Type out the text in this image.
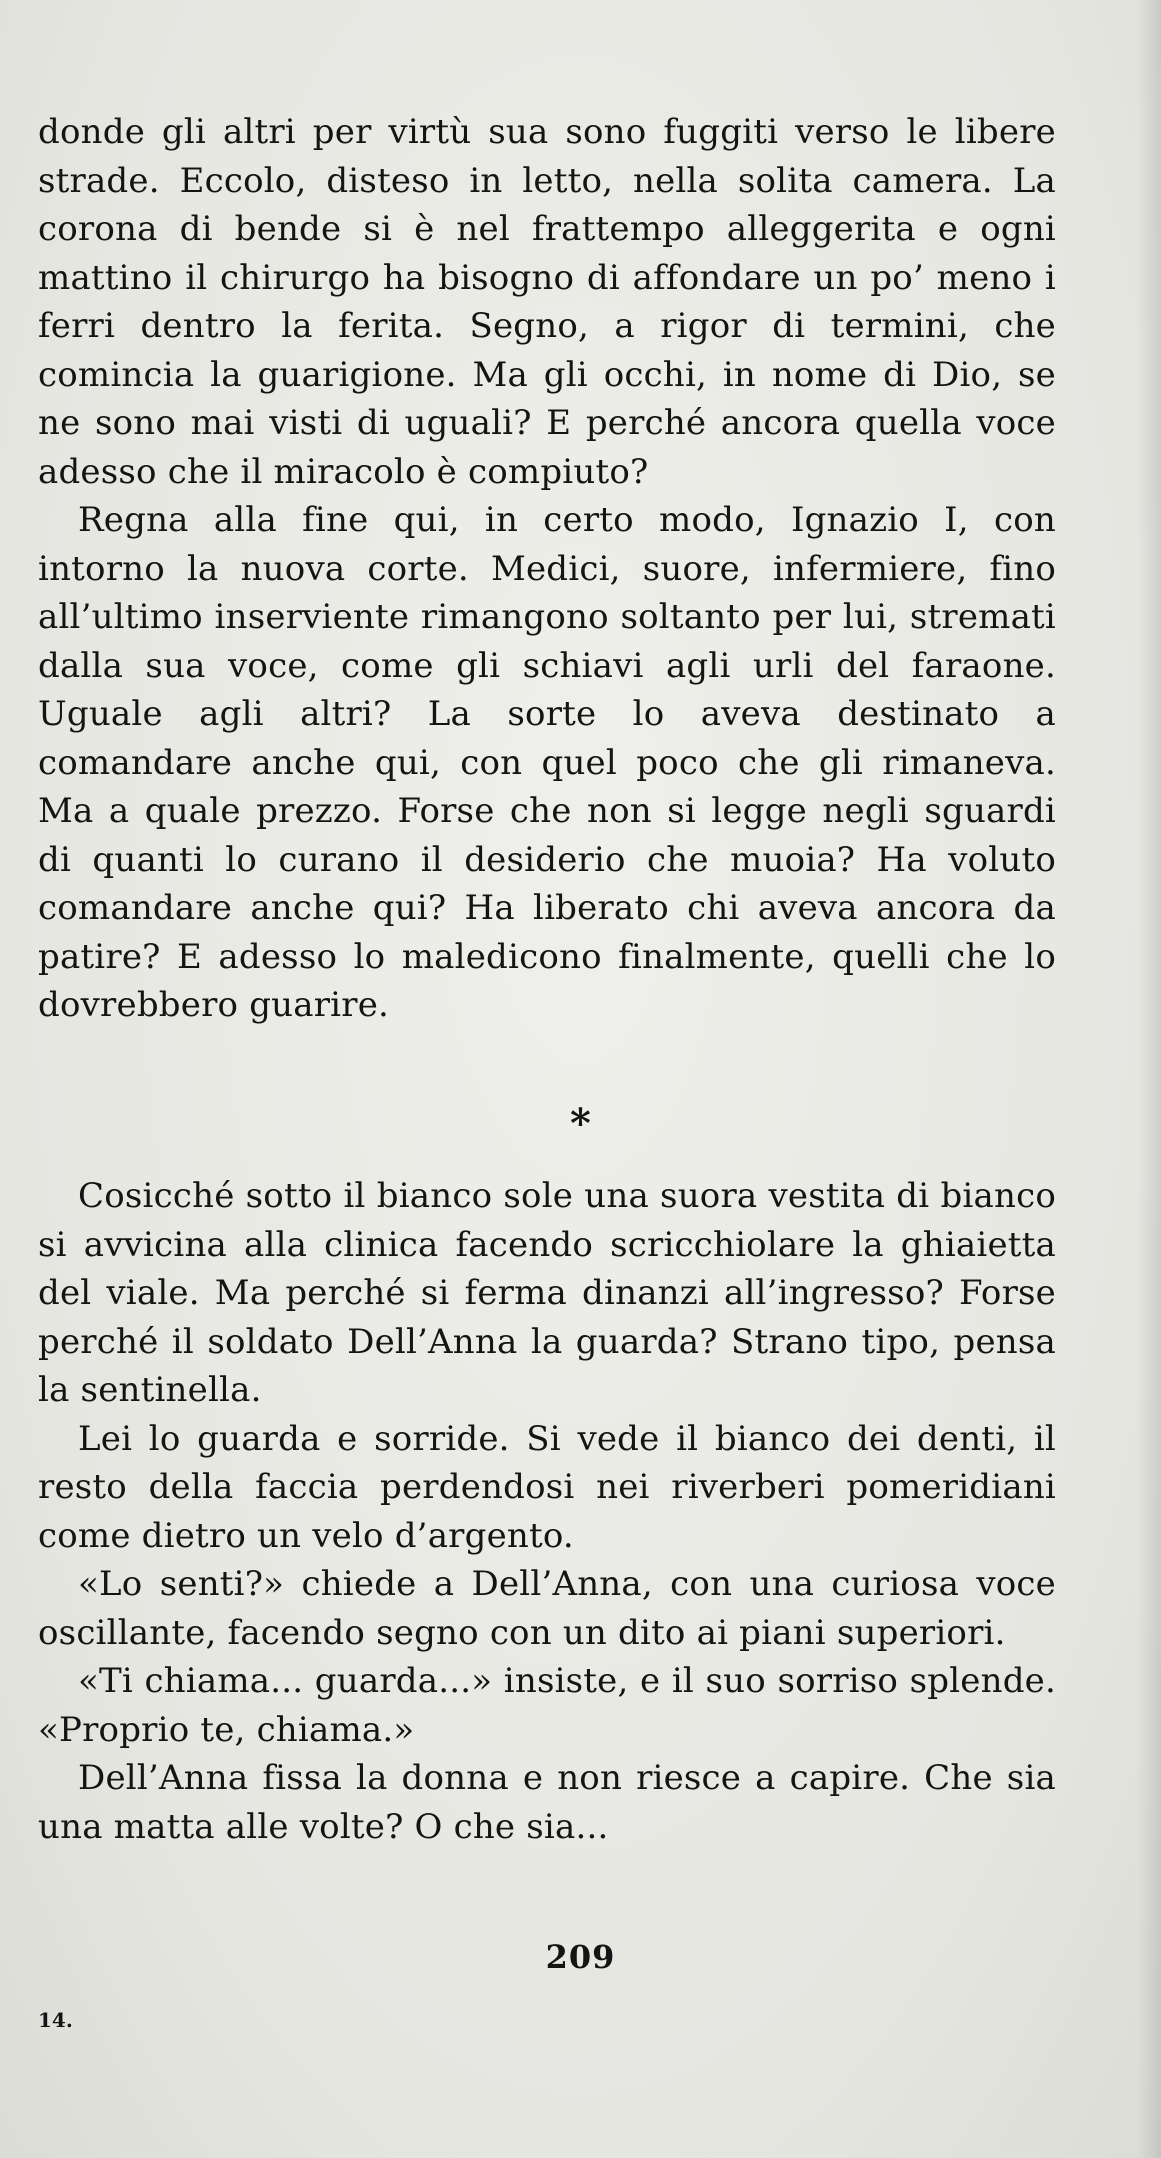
donde gli altri per virtù sua sono fuggiti verso le libere strade. Eccolo, disteso in letto, nella solita camera. La corona di bende si è nel frattempo alleggerita e ogni mattino il chirurgo ha bisogno di affondare un po’ meno i ferri dentro la ferita. Segno, a rigor di termini, che comincia la guarigione. Ma gli occhi, in nome di Dio, se ne sono mai visti di uguali? E perché ancora quella voce adesso che il miracolo è compiuto?

Regna alla fine qui, in certo modo, Ignazio I, con intorno la nuova corte. Medici, suore, infermiere, fino all’ultimo inserviente rimangono soltanto per lui, stremati dalla sua voce, come gli schiavi agli urli del faraone. Uguale agli altri? La sorte lo aveva destinato a comandare anche qui, con quel poco che gli rimaneva. Ma a quale prezzo. Forse che non si legge negli sguardi di quanti lo curano il desiderio che muoia? Ha voluto comandare anche qui? Ha liberato chi aveva ancora da patire? E adesso lo maledicono finalmente, quelli che lo dovrebbero guarire.

*

Cosicché sotto il bianco sole una suora vestita di bianco si avvicina alla clinica facendo scricchiolare la ghiaietta del viale. Ma perché si ferma dinanzi all’ingresso? Forse perché il soldato Dell’Anna la guarda? Strano tipo, pensa la sentinella.

Lei lo guarda e sorride. Si vede il bianco dei denti, il resto della faccia perdendosi nei riverberi pomeridiani come dietro un velo d’argento.

«Lo senti?» chiede a Dell’Anna, con una curiosa voce oscillante, facendo segno con un dito ai piani superiori.

«Ti chiama... guarda...» insiste, e il suo sorriso splende. «Proprio te, chiama.»

Dell’Anna fissa la donna e non riesce a capire. Che sia una matta alle volte? O che sia...

209
14.
